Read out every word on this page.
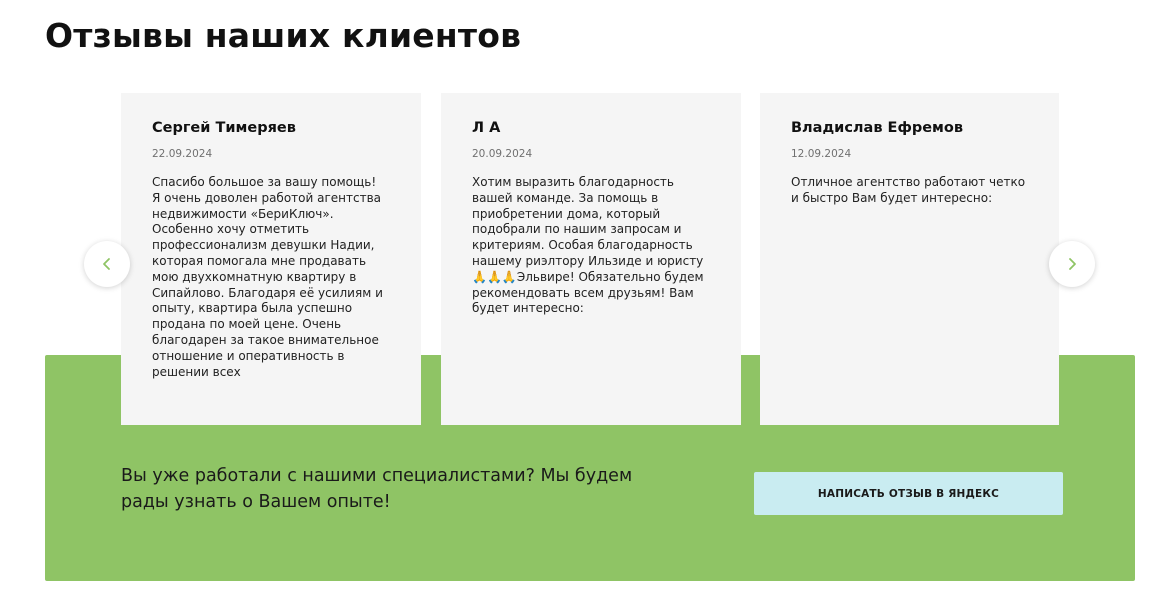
Отзывы наших клиентов

Сергей Тимеряев

22.09.2024
Спасибо большое за вашу помощь!
Я очень доволен работой агентства
недвижимости «БериКлюч».
Особенно хочу отметить
профессионализм девушки Надии,
которая помогала мне продавать
мою двухкомнатную квартиру в
Сипайлово. Благодаря её усилиям и
опыту, квартира была успешно
продана по моей цене. Очень
благодарен за такое внимательное
отношение и оперативность в
решении всех

Л А

20.09.2024
Хотим выразить благодарность
вашей команде. За помощь в
приобретении дома, который
подобрали по нашим запросам и
критериям. Особая благодарность
нашему риэлтору Ильзиде и юристу
🙏🙏🙏Эльвире! Обязательно будем
рекомендовать всем друзьям! Вам
будет интересно:

Владислав Ефремов

12.09.2024
Отличное агентство работают четко
и быстро Вам будет интересно:

Вы уже работали с нашими специалистами? Мы будем
рады узнать о Вашем опыте!	НАПИСАТЬ ОТЗЫВ В ЯНДЕКС
